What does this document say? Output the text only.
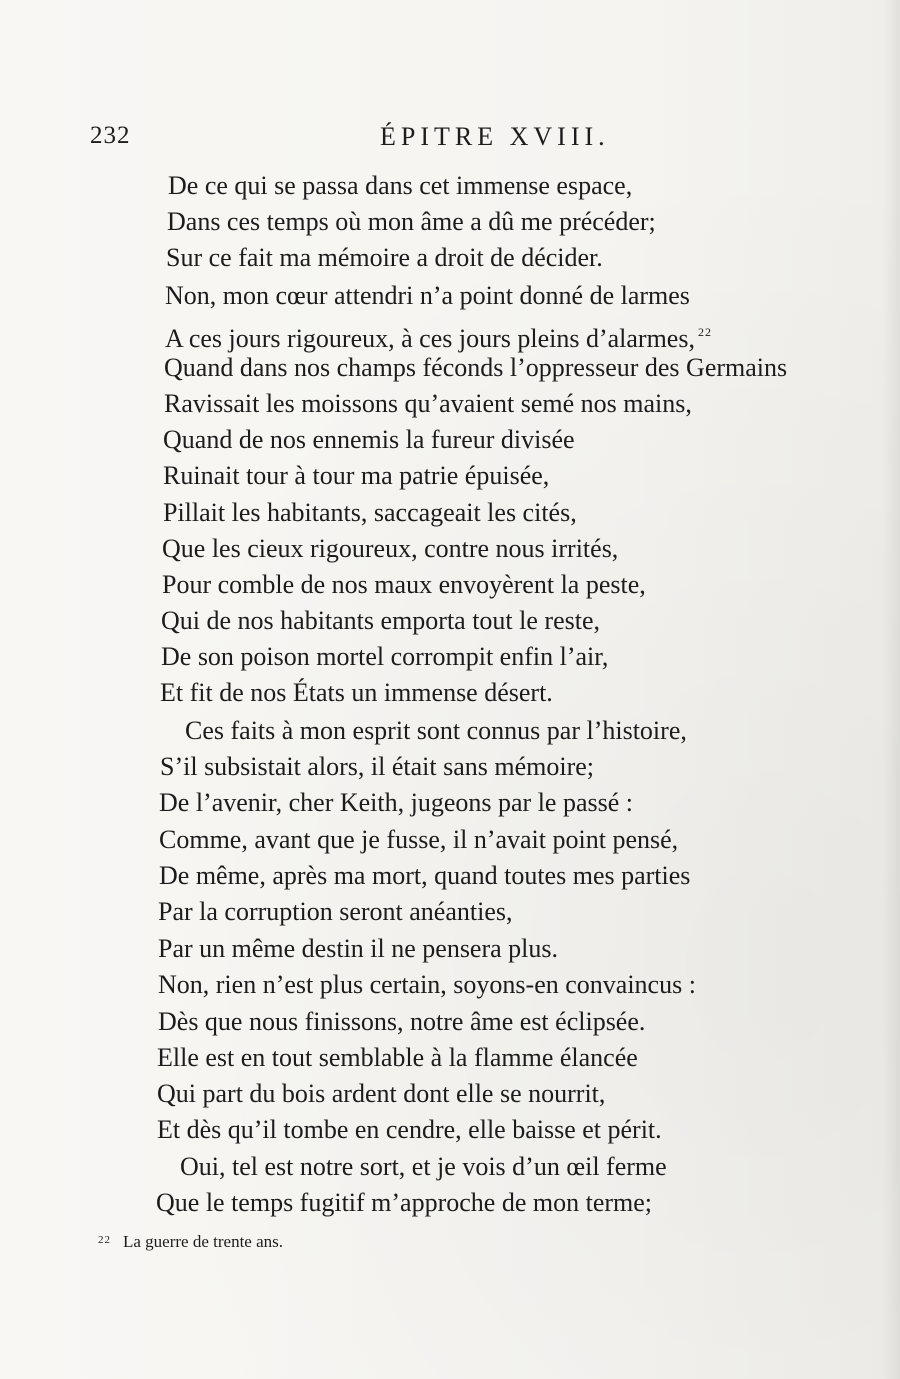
232	ÉPITRE XVIII.
De ce qui se passa dans cet immense espace,
Dans ces temps où mon âme a dû me précéder;
Sur ce fait ma mémoire a droit de décider.
Non, mon cœur attendri n’a point donné de larmes
A ces jours rigoureux, à ces jours pleins d’alarmes, $^{22}$
Quand dans nos champs féconds l’oppresseur des Germains
Ravissait les moissons qu’avaient semé nos mains,
Quand de nos ennemis la fureur divisée
Ruinait tour à tour ma patrie épuisée,
Pillait les habitants, saccageait les cités,
Que les cieux rigoureux, contre nous irrités,
Pour comble de nos maux envoyèrent la peste,
Qui de nos habitants emporta tout le reste,
De son poison mortel corrompit enfin l’air,
Et fit de nos États un immense désert.
Ces faits à mon esprit sont connus par l’histoire,
S’il subsistait alors, il était sans mémoire;
De l’avenir, cher Keith, jugeons par le passé :
Comme, avant que je fusse, il n’avait point pensé,
De même, après ma mort, quand toutes mes parties
Par la corruption seront anéanties,
Par un même destin il ne pensera plus.
Non, rien n’est plus certain, soyons-en convaincus :
Dès que nous finissons, notre âme est éclipsée.
Elle est en tout semblable à la flamme élancée
Qui part du bois ardent dont elle se nourrit,
Et dès qu’il tombe en cendre, elle baisse et périt.
Oui, tel est notre sort, et je vois d’un œil ferme
Que le temps fugitif m’approche de mon terme;
$^{22}$ La guerre de trente ans.
